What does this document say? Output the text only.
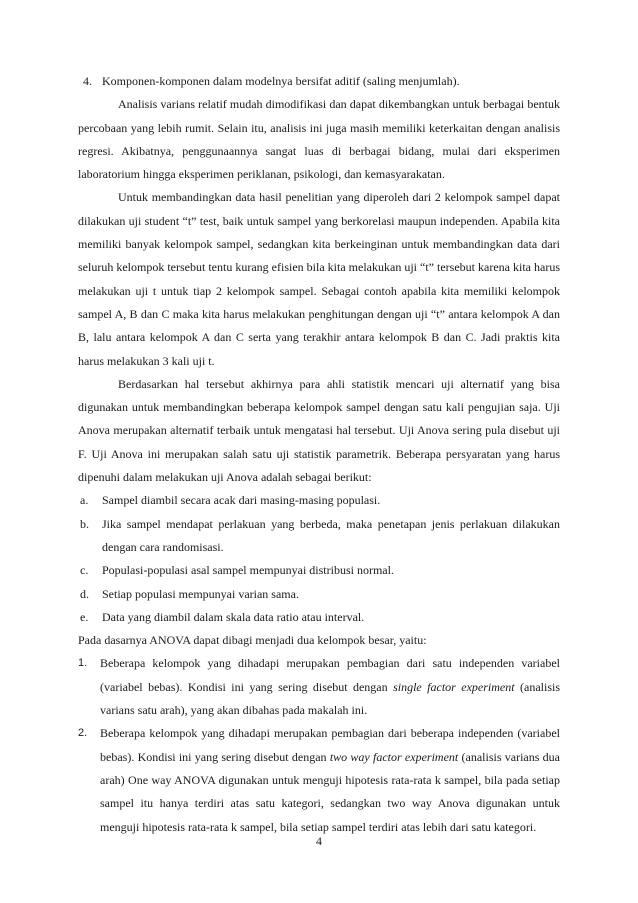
4. Komponen-komponen dalam modelnya bersifat aditif (saling menjumlah).

Analisis varians relatif mudah dimodifikasi dan dapat dikembangkan untuk berbagai bentuk percobaan yang lebih rumit. Selain itu, analisis ini juga masih memiliki keterkaitan dengan analisis regresi. Akibatnya, penggunaannya sangat luas di berbagai bidang, mulai dari eksperimen laboratorium hingga eksperimen periklanan, psikologi, dan kemasyarakatan.

Untuk membandingkan data hasil penelitian yang diperoleh dari 2 kelompok sampel dapat dilakukan uji student “t” test, baik untuk sampel yang berkorelasi maupun independen. Apabila kita memiliki banyak kelompok sampel, sedangkan kita berkeinginan untuk membandingkan data dari seluruh kelompok tersebut tentu kurang efisien bila kita melakukan uji “t” tersebut karena kita harus melakukan uji t untuk tiap 2 kelompok sampel. Sebagai contoh apabila kita memiliki kelompok sampel A, B dan C maka kita harus melakukan penghitungan dengan uji “t” antara kelompok A dan B, lalu antara kelompok A dan C serta yang terakhir antara kelompok B dan C. Jadi praktis kita harus melakukan 3 kali uji t.

Berdasarkan hal tersebut akhirnya para ahli statistik mencari uji alternatif yang bisa digunakan untuk membandingkan beberapa kelompok sampel dengan satu kali pengujian saja. Uji Anova merupakan alternatif terbaik untuk mengatasi hal tersebut. Uji Anova sering pula disebut uji F. Uji Anova ini merupakan salah satu uji statistik parametrik. Beberapa persyaratan yang harus dipenuhi dalam melakukan uji Anova adalah sebagai berikut:

a.	Sampel diambil secara acak dari masing-masing populasi.
b.	Jika sampel mendapat perlakuan yang berbeda, maka penetapan jenis perlakuan dilakukan dengan cara randomisasi.
c.	Populasi-populasi asal sampel mempunyai distribusi normal.
d.	Setiap populasi mempunyai varian sama.
e.	Data yang diambil dalam skala data ratio atau interval.

Pada dasarnya ANOVA dapat dibagi menjadi dua kelompok besar, yaitu:

1.	Beberapa kelompok yang dihadapi merupakan pembagian dari satu independen variabel (variabel bebas). Kondisi ini yang sering disebut dengan single factor experiment (analisis varians satu arah), yang akan dibahas pada makalah ini.
2.	Beberapa kelompok yang dihadapi merupakan pembagian dari beberapa independen (variabel bebas). Kondisi ini yang sering disebut dengan two way factor experiment (analisis varians dua arah) One way ANOVA digunakan untuk menguji hipotesis rata-rata k sampel, bila pada setiap sampel itu hanya terdiri atas satu kategori, sedangkan two way Anova digunakan untuk menguji hipotesis rata-rata k sampel, bila setiap sampel terdiri atas lebih dari satu kategori.
4
